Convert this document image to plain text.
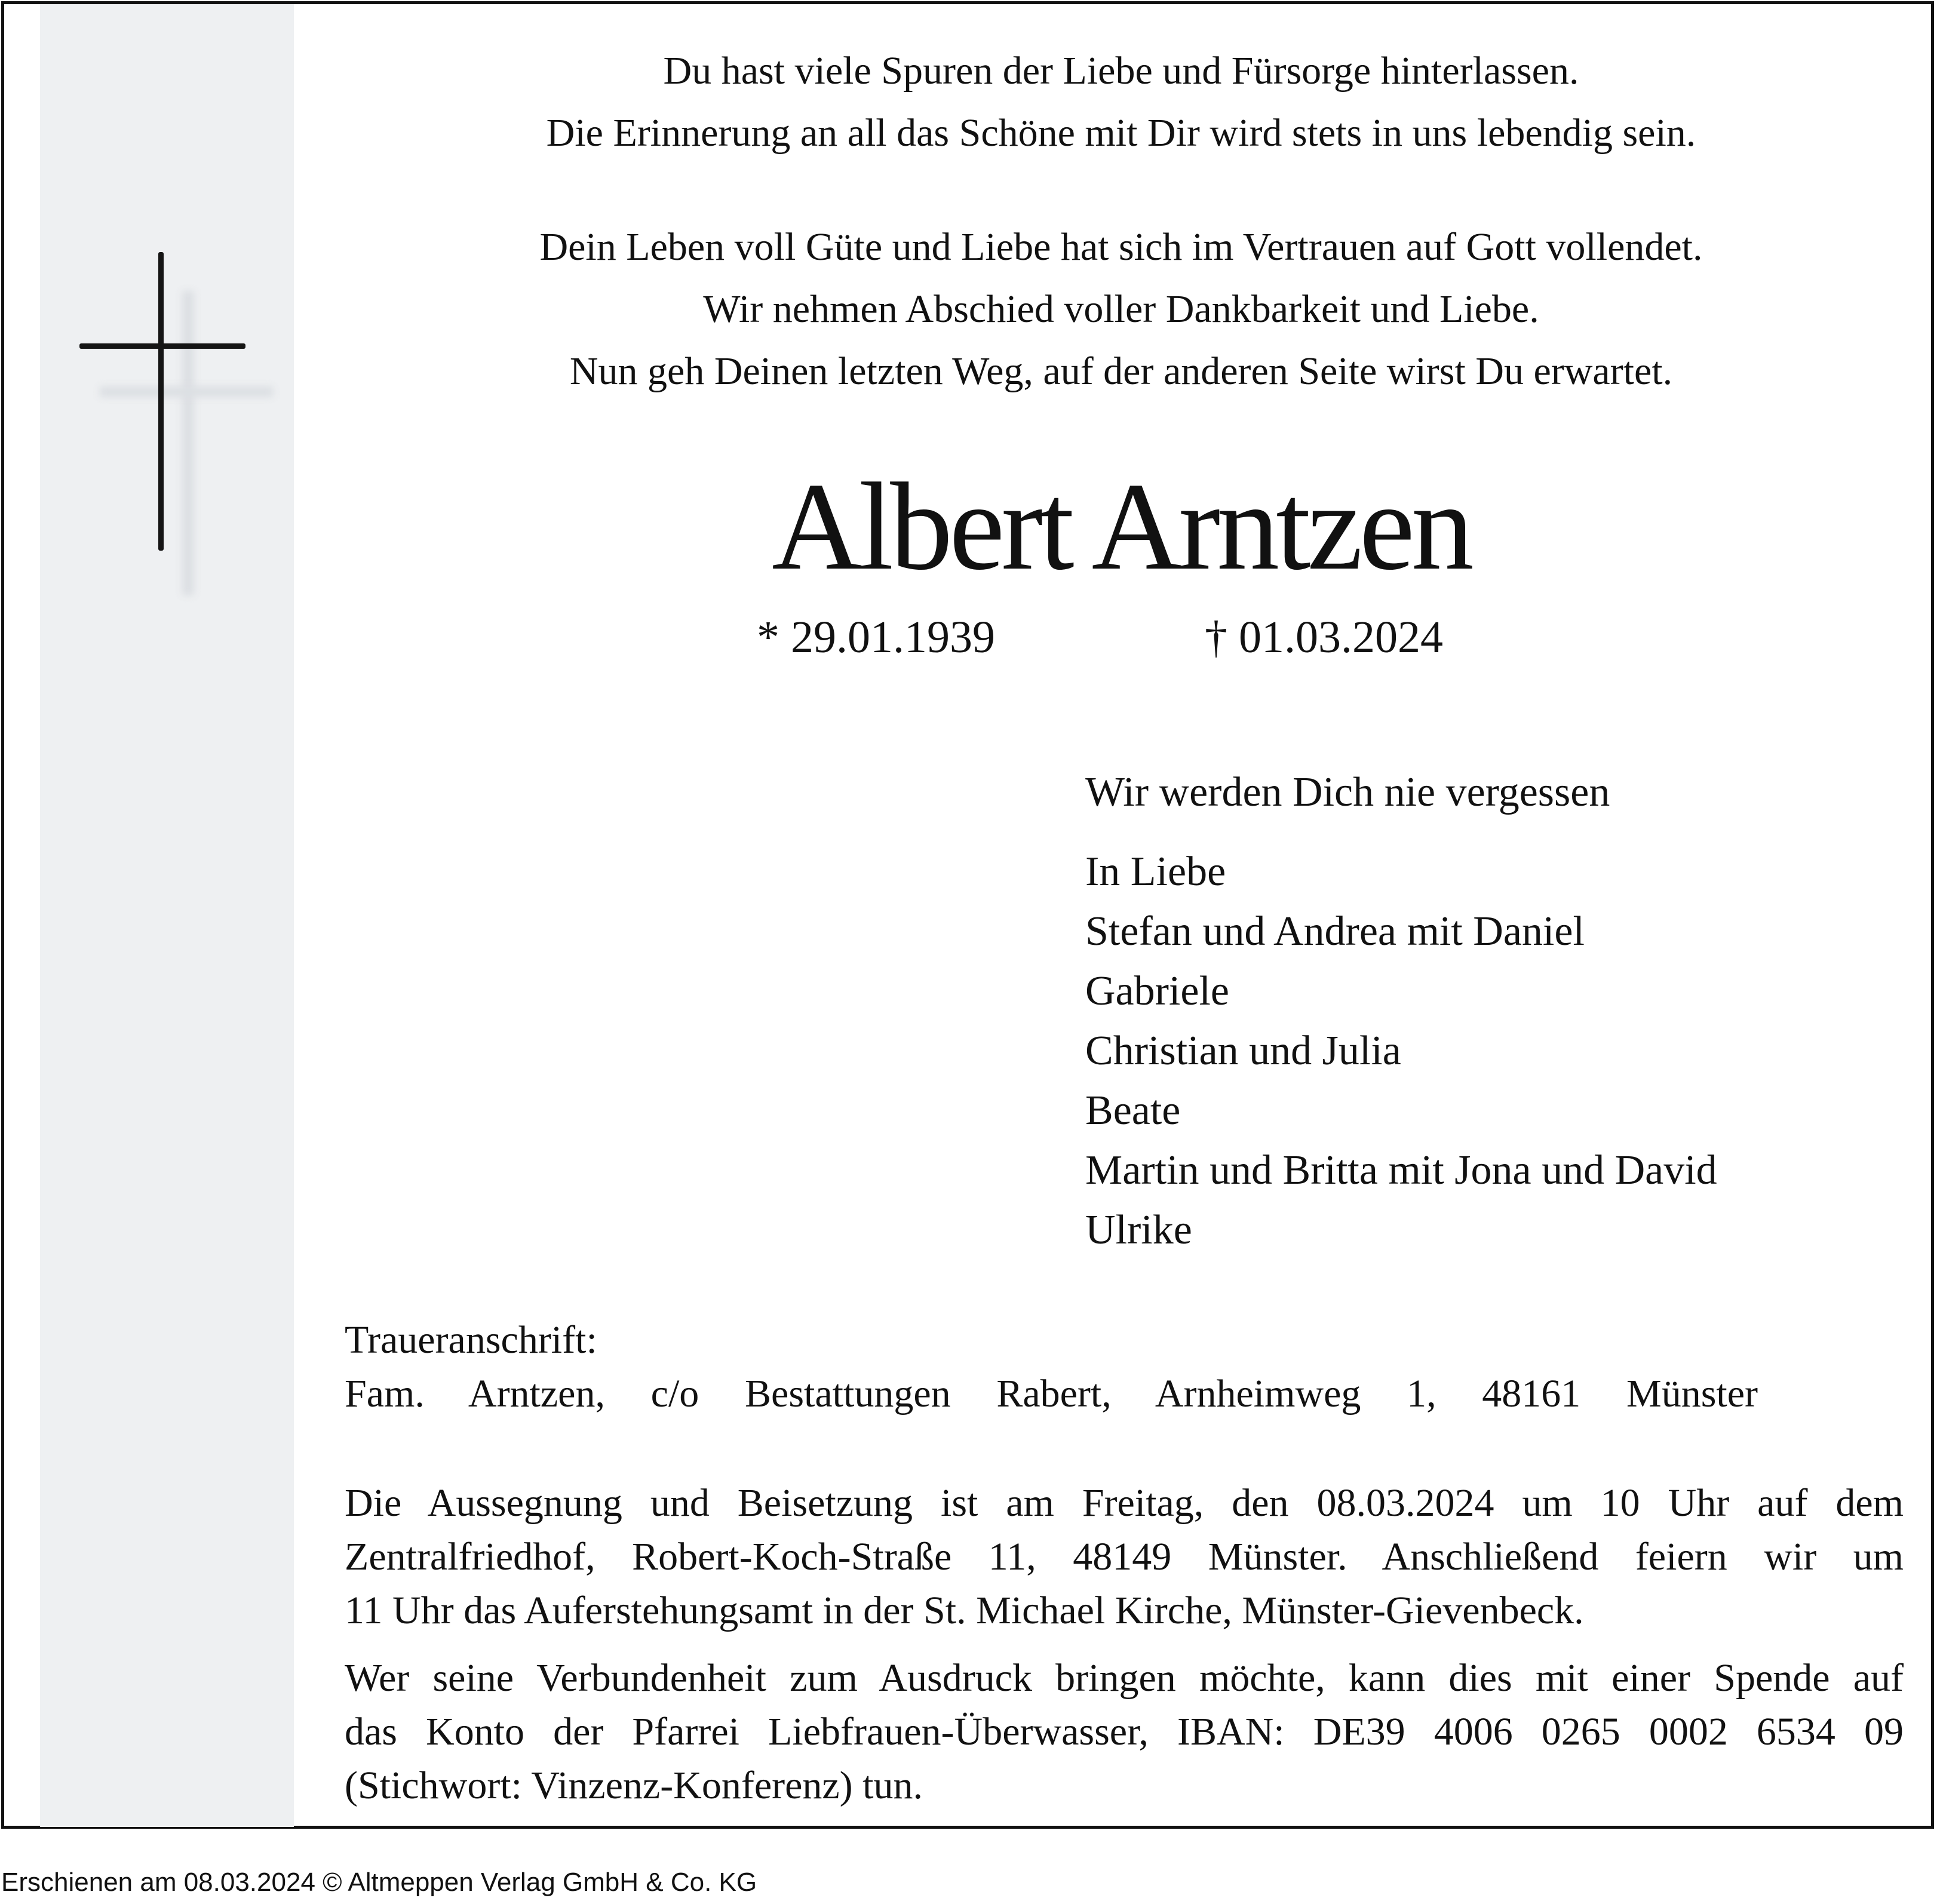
Du hast viele Spuren der Liebe und Fürsorge hinterlassen.
Die Erinnerung an all das Schöne mit Dir wird stets in uns lebendig sein.
Dein Leben voll Güte und Liebe hat sich im Vertrauen auf Gott vollendet.
Wir nehmen Abschied voller Dankbarkeit und Liebe.
Nun geh Deinen letzten Weg, auf der anderen Seite wirst Du erwartet.
Albert Arntzen
* 29.01.1939	† 01.03.2024
Wir werden Dich nie vergessen
In Liebe
Stefan und Andrea mit Daniel
Gabriele
Christian und Julia
Beate
Martin und Britta mit Jona und David
Ulrike
Traueranschrift:
Fam. Arntzen, c/o Bestattungen Rabert, Arnheimweg 1, 48161 Münster
Die Aussegnung und Beisetzung ist am Freitag, den 08.03.2024 um 10 Uhr auf dem
Zentralfriedhof, Robert-Koch-Straße 11, 48149 Münster. Anschließend feiern wir um
11 Uhr das Auferstehungsamt in der St. Michael Kirche, Münster-Gievenbeck.
Wer seine Verbundenheit zum Ausdruck bringen möchte, kann dies mit einer Spende auf
das Konto der Pfarrei Liebfrauen-Überwasser, IBAN: DE39 4006 0265 0002 6534 09
(Stichwort: Vinzenz-Konferenz) tun.
Erschienen am 08.03.2024 © Altmeppen Verlag GmbH & Co. KG
